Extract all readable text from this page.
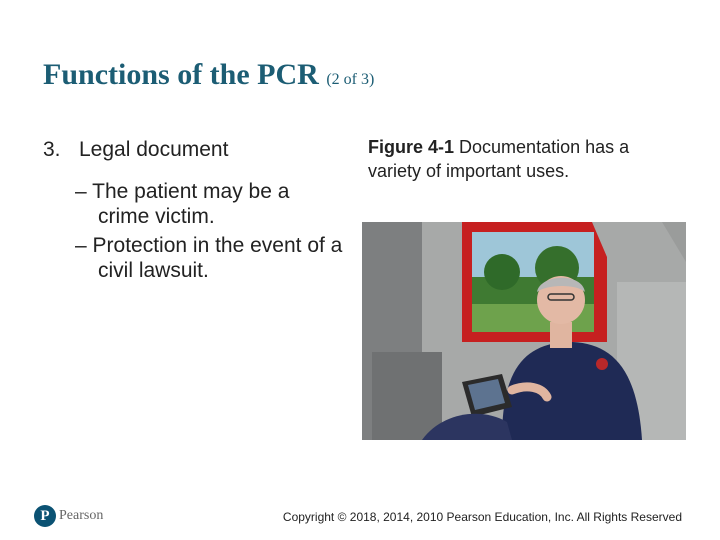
Functions of the PCR (2 of 3)
3. Legal document
– The patient may be a crime victim.
– Protection in the event of a civil lawsuit.

Figure 4-1 Documentation has a variety of important uses.

P Pearson	Copyright © 2018, 2014, 2010 Pearson Education, Inc. All Rights Reserved
